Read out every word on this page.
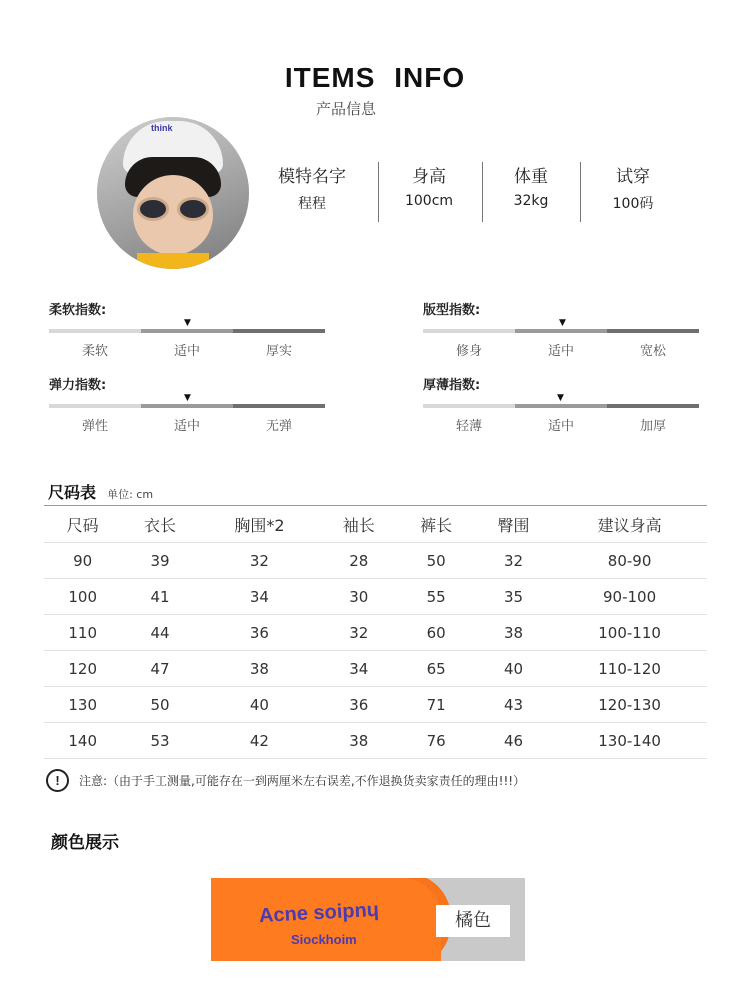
ITEMS INFO
产品信息
think
模特名字
程程
身高
100cm
体重
32kg
试穿
100码
柔软指数:
▼
柔软	适中	厚实
版型指数:
▼
修身	适中	宽松
弹力指数:
▼
弹性	适中	无弹
厚薄指数:
▼
轻薄	适中	加厚
尺码表 单位: cm
尺码	衣长	胸围*2	袖长	裤长	臀围	建议身高
90	39	32	28	50	32	80-90
100	41	34	30	55	35	90-100
110	44	36	32	60	38	100-110
120	47	38	34	65	40	110-120
130	50	40	36	71	43	120-130
140	53	42	38	76	46	130-140
!	注意:（由于手工测量,可能存在一到两厘米左右误差,不作退换货卖家责任的理由!!!）
颜色展示
Acne soipnɥ
Siockhoim
橘色
